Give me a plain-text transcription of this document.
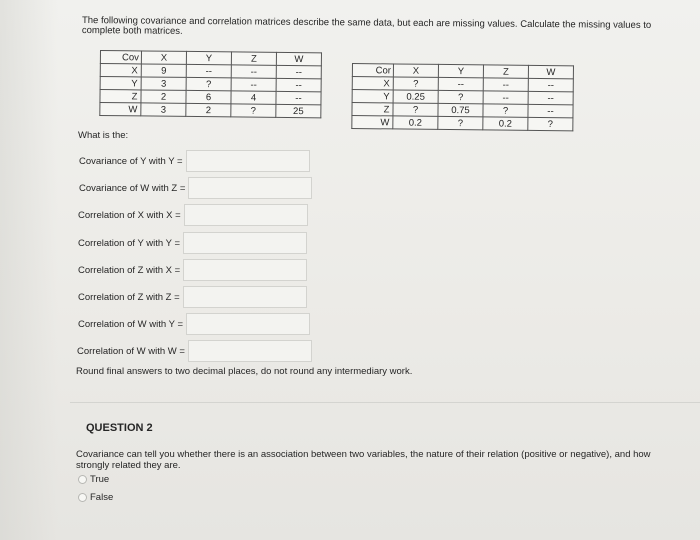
The following covariance and correlation matrices describe the same data, but each are missing values. Calculate the missing values to complete both matrices.
Cov	X	Y	Z	W
X	9	--	--	--
Y	3	?	--	--
Z	2	6	4	--
W	3	2	?	25
Cor	X	Y	Z	W
X	?	--	--	--
Y	0.25	?	--	--
Z	?	0.75	?	--
W	0.2	?	0.2	?
What is the:
Covariance of Y with Y =
Covariance of W with Z =
Correlation of X with X =
Correlation of Y with Y =
Correlation of Z with X =
Correlation of Z with Z =
Correlation of W with Y =
Correlation of W with W =
Round final answers to two decimal places, do not round any intermediary work.
QUESTION 2
Covariance can tell you whether there is an association between two variables, the nature of their relation (positive or negative), and how strongly related they are.
True
False
